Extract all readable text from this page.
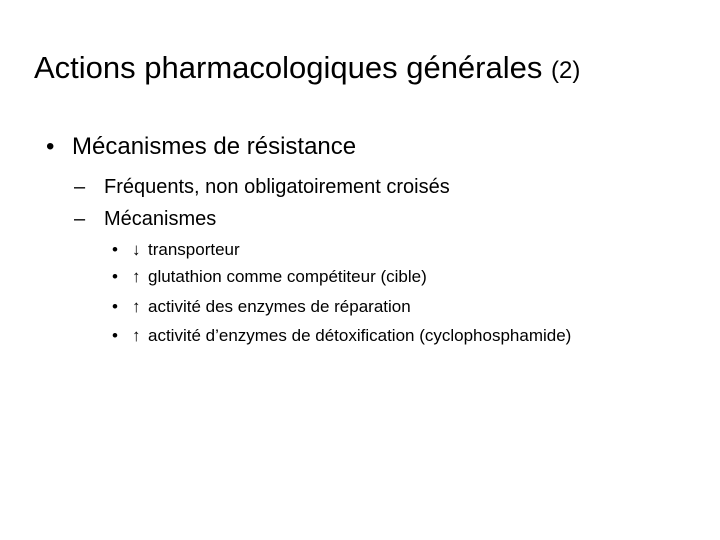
Actions pharmacologiques générales (2)
• Mécanismes de résistance
– Fréquents, non obligatoirement croisés
– Mécanismes
• ↓ transporteur
• ↑ glutathion comme compétiteur (cible)
• ↑ activité des enzymes de réparation
• ↑ activité d’enzymes de détoxification (cyclophosphamide)
